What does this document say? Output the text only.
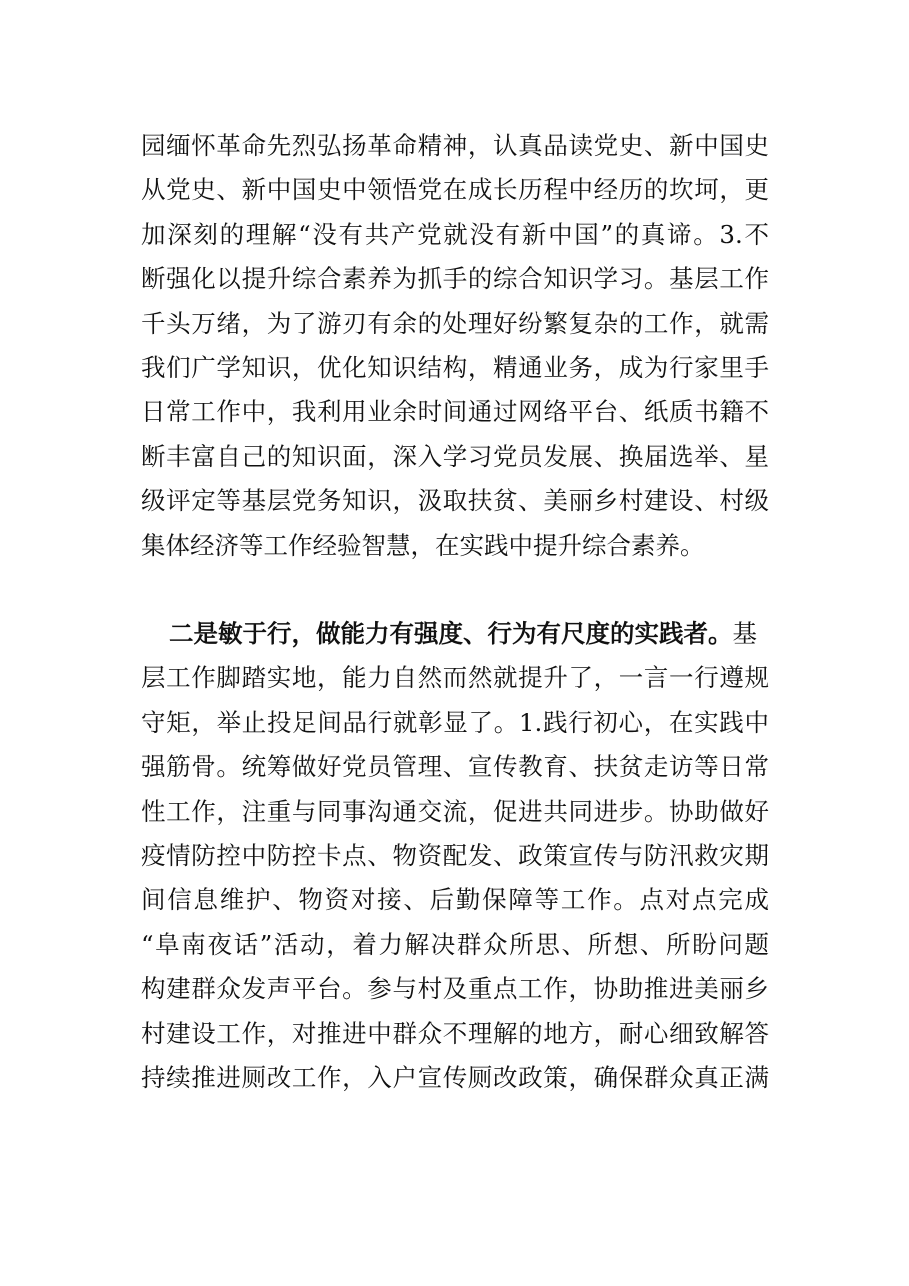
园缅怀革命先烈弘扬革命精神，认真品读党史、新中国史
从党史、新中国史中领悟党在成长历程中经历的坎坷，更
加深刻的理解“没有共产党就没有新中国”的真谛。3.不
断强化以提升综合素养为抓手的综合知识学习。基层工作
千头万绪，为了游刃有余的处理好纷繁复杂的工作，就需
我们广学知识，优化知识结构，精通业务，成为行家里手
日常工作中，我利用业余时间通过网络平台、纸质书籍不
断丰富自己的知识面，深入学习党员发展、换届选举、星
级评定等基层党务知识，汲取扶贫、美丽乡村建设、村级
集体经济等工作经验智慧，在实践中提升综合素养。
二是敏于行，做能力有强度、行为有尺度的实践者。基
层工作脚踏实地，能力自然而然就提升了，一言一行遵规
守矩，举止投足间品行就彰显了。1.践行初心，在实践中
强筋骨。统筹做好党员管理、宣传教育、扶贫走访等日常
性工作，注重与同事沟通交流，促进共同进步。协助做好
疫情防控中防控卡点、物资配发、政策宣传与防汛救灾期
间信息维护、物资对接、后勤保障等工作。点对点完成
“阜南夜话”活动，着力解决群众所思、所想、所盼问题
构建群众发声平台。参与村及重点工作，协助推进美丽乡
村建设工作，对推进中群众不理解的地方，耐心细致解答
持续推进厕改工作，入户宣传厕改政策，确保群众真正满
